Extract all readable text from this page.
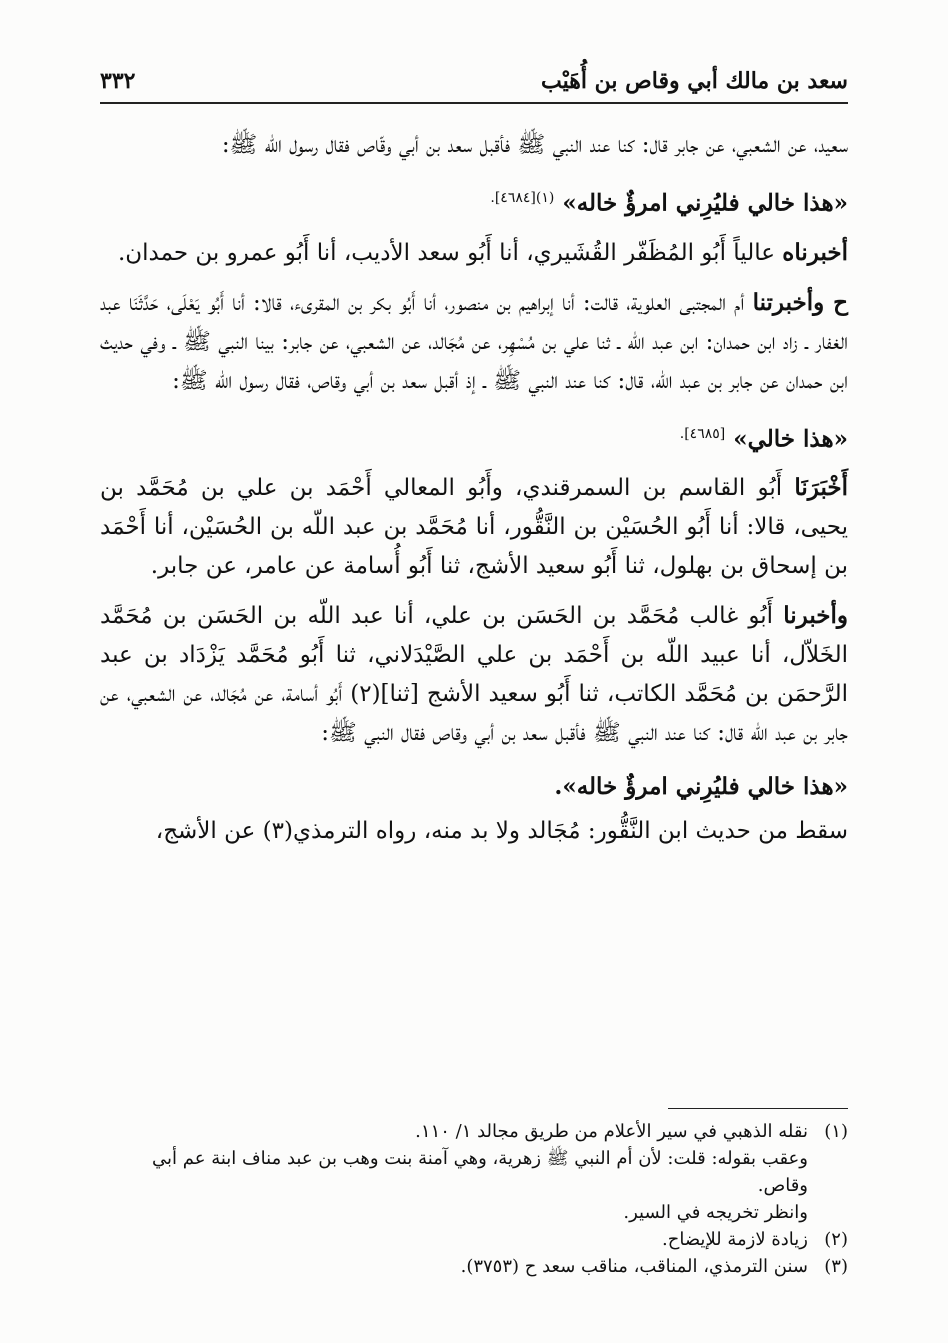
سعد بن مالك أبي وقاص بن أُهَيْب
٣٣٢

سعيد، عن الشعبي، عن جابر قال: كنا عند النبي ﷺ فأقبل سعد بن أبي وقّاص فقال رسول الله ﷺ:

«هذا خالي فليُرِني امرؤٌ خاله» $^{(١)[٤٦٨٤].}$

أخبرناه عالياً أَبُو المُظَفّر القُشَيري، أنا أَبُو سعد الأديب، أنا أَبُو عمرو بن حمدان.

ح وأخبرتنا أم المجتبى العلوية، قالت: أنا إبراهيم بن منصور، أنا أَبُو بكر بن المقرىء، قالا: أنا أَبُو يَعْلَى، حَدَّثَنَا عبد الغفار ـ زاد ابن حمدان: ابن عبد اللّه ـ ثنا علي بن مُسْهِر، عن مُجَالد، عن الشعبي، عن جابر: بينا النبي ﷺ ـ وفي حديث ابن حمدان عن جابر بن عبد اللّه، قال: كنا عند النبي ﷺ ـ إذ أقبل سعد بن أبي وقاص، فقال رسول الله ﷺ:

«هذا خالي» $^{[٤٦٨٥].}$

أَخْبَرَنَا أَبُو القاسم بن السمرقندي، وأَبُو المعالي أَحْمَد بن علي بن مُحَمَّد بن يحيى، قالا: أنا أَبُو الحُسَيْن بن النَّقُّور، أنا مُحَمَّد بن عبد اللّه بن الحُسَيْن، أنا أَحْمَد بن إسحاق بن بهلول، ثنا أَبُو سعيد الأشج، ثنا أَبُو أُسامة عن عامر، عن جابر.

وأخبرنا أَبُو غالب مُحَمَّد بن الحَسَن بن علي، أنا عبد اللّه بن الحَسَن بن مُحَمَّد الخَلاّل، أنا عبيد اللّه بن أَحْمَد بن علي الصَّيْدَلاني، ثنا أَبُو مُحَمَّد يَزْدَاد بن عبد الرَّحمَن بن مُحَمَّد الكاتب، ثنا أَبُو سعيد الأشج [ثنا](٢) أَبُو أسامة، عن مُجَالد، عن الشعبي، عن جابر بن عبد اللّه قال: كنا عند النبي ﷺ فأقبل سعد بن أبي وقاص فقال النبي ﷺ:

«هذا خالي فليُرِني امرؤٌ خاله».

سقط من حديث ابن النَّقُّور: مُجَالد ولا بد منه، رواه الترمذي(٣) عن الأشج،

(١)نقله الذهبي في سير الأعلام من طريق مجالد ١/ ١١٠.

وعقب بقوله: قلت: لأن أم النبي ﷺ زهرية، وهي آمنة بنت وهب بن عبد مناف ابنة عم أبي وقاص.

وانظر تخريجه في السير.

(٢)زيادة لازمة للإيضاح.

(٣)سنن الترمذي، المناقب، مناقب سعد ح (٣٧٥٣).
